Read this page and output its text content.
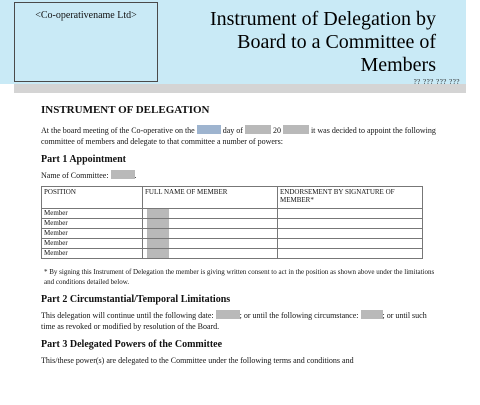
<Co-operativename Ltd>	Instrument of Delegation by
Board to a Committee of
Members
?? ??? ??? ???
INSTRUMENT OF DELEGATION

At the board meeting of the Co-operative on the	day of	20	it was decided to appoint the following committee of members and delegate to that committee a number of powers:

Part 1 Appointment

Name of Committee:	.

POSITION	FULL NAME OF MEMBER	ENDORSEMENT BY SIGNATURE OF MEMBER*
Member	

Member	

Member	

Member	

Member	

* By signing this Instrument of Delegation the member is giving written consent to act in the position as shown above under the limitations and conditions detailed below.

Part 2 Circumstantial/Temporal Limitations

This delegation will continue until the following date:	; or until the following circumstance:	; or until such time as revoked or modified by resolution of the Board.

Part 3 Delegated Powers of the Committee

This/these power(s) are delegated to the Committee under the following terms and conditions and
